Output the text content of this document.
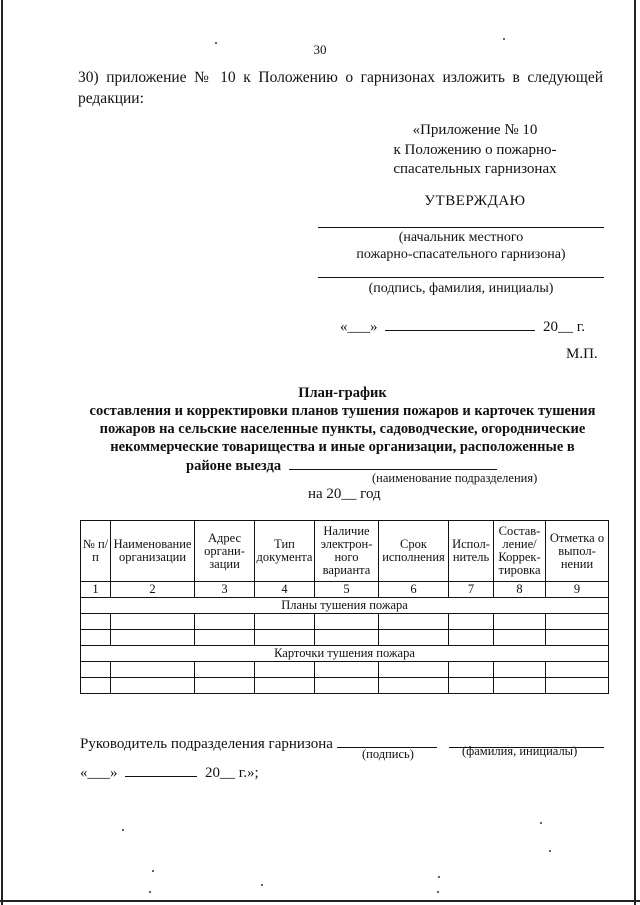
30
30) приложение № 10 к Положению о гарнизонах изложить в следующей
редакции:
«Приложение № 10
к Положению о пожарно-
спасательных гарнизонах
УТВЕРЖДАЮ
(начальник местного
пожарно-спасательного гарнизона)
(подпись, фамилия, инициалы)
«___»	20__ г.
М.П.
План-график
составления и корректировки планов тушения пожаров и карточек тушения
пожаров на сельские населенные пункты, садоводческие, огороднические
некоммерческие товарищества и иные организации, расположенные в
районе выезда
(наименование подразделения)
на 20__ год
№ п/п	Наименование организации	Адрес органи-зации	Тип документа	Наличие электрон-ного варианта	Срок исполнения	Испол-нитель	Состав-ление/ Коррек-тировка	Отметка о выпол-нении
1	2	3	4	5	6	7	8	9
Планы тушения пожара								

Карточки тушения пожара								

Руководитель подразделения гарнизона
(подпись)	(фамилия, инициалы)
«___»	20__ г.»;
